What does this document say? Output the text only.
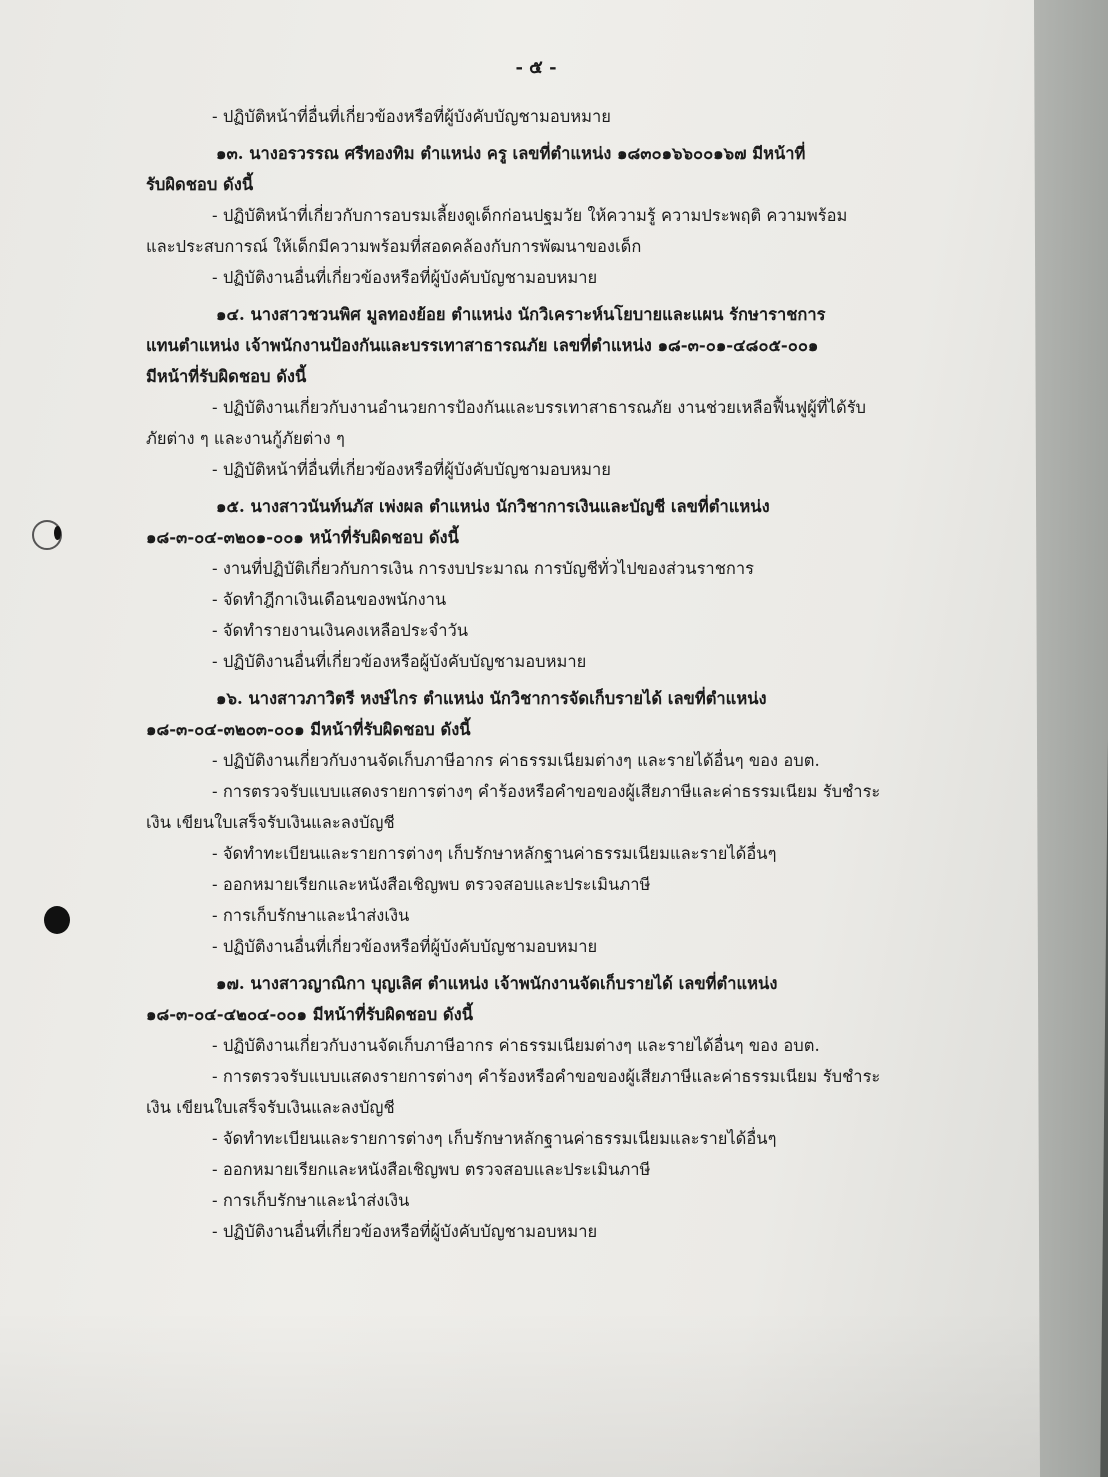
- ๕ -
- ปฏิบัติหน้าที่อื่นที่เกี่ยวข้องหรือที่ผู้บังคับบัญชามอบหมาย
๑๓. นางอรวรรณ ศรีทองทิม ตำแหน่ง ครู เลขที่ตำแหน่ง ๑๘๓๐๑๖๖๐๐๑๖๗ มีหน้าที่
รับผิดชอบ ดังนี้
- ปฏิบัติหน้าที่เกี่ยวกับการอบรมเลี้ยงดูเด็กก่อนปฐมวัย ให้ความรู้ ความประพฤติ ความพร้อม
และประสบการณ์ ให้เด็กมีความพร้อมที่สอดคล้องกับการพัฒนาของเด็ก
- ปฏิบัติงานอื่นที่เกี่ยวข้องหรือที่ผู้บังคับบัญชามอบหมาย
๑๔. นางสาวชวนพิศ มูลทองย้อย ตำแหน่ง นักวิเคราะห์นโยบายและแผน รักษาราชการ
แทนตำแหน่ง เจ้าพนักงานป้องกันและบรรเทาสาธารณภัย เลขที่ตำแหน่ง ๑๘-๓-๐๑-๔๘๐๕-๐๐๑
มีหน้าที่รับผิดชอบ ดังนี้
- ปฏิบัติงานเกี่ยวกับงานอำนวยการป้องกันและบรรเทาสาธารณภัย งานช่วยเหลือฟื้นฟูผู้ที่ได้รับ
ภัยต่าง ๆ และงานกู้ภัยต่าง ๆ
- ปฏิบัติหน้าที่อื่นที่เกี่ยวข้องหรือที่ผู้บังคับบัญชามอบหมาย
๑๕. นางสาวนันท์นภัส เพ่งผล ตำแหน่ง นักวิชาการเงินและบัญชี เลขที่ตำแหน่ง
๑๘-๓-๐๔-๓๒๐๑-๐๐๑ หน้าที่รับผิดชอบ ดังนี้
- งานที่ปฏิบัติเกี่ยวกับการเงิน การงบประมาณ การบัญชีทั่วไปของส่วนราชการ
- จัดทำฎีกาเงินเดือนของพนักงาน
- จัดทำรายงานเงินคงเหลือประจำวัน
- ปฏิบัติงานอื่นที่เกี่ยวข้องหรือผู้บังคับบัญชามอบหมาย
๑๖. นางสาวภาวิตรี หงษ์ไกร ตำแหน่ง นักวิชาการจัดเก็บรายได้ เลขที่ตำแหน่ง
๑๘-๓-๐๔-๓๒๐๓-๐๐๑ มีหน้าที่รับผิดชอบ ดังนี้
- ปฏิบัติงานเกี่ยวกับงานจัดเก็บภาษีอากร ค่าธรรมเนียมต่างๆ และรายได้อื่นๆ ของ อบต.
- การตรวจรับแบบแสดงรายการต่างๆ คำร้องหรือคำขอของผู้เสียภาษีและค่าธรรมเนียม รับชำระ
เงิน เขียนใบเสร็จรับเงินและลงบัญชี
- จัดทำทะเบียนและรายการต่างๆ เก็บรักษาหลักฐานค่าธรรมเนียมและรายได้อื่นๆ
- ออกหมายเรียกและหนังสือเชิญพบ ตรวจสอบและประเมินภาษี
- การเก็บรักษาและนำส่งเงิน
- ปฏิบัติงานอื่นที่เกี่ยวข้องหรือที่ผู้บังคับบัญชามอบหมาย
๑๗. นางสาวญาณิกา บุญเลิศ ตำแหน่ง เจ้าพนักงานจัดเก็บรายได้ เลขที่ตำแหน่ง
๑๘-๓-๐๔-๔๒๐๔-๐๐๑ มีหน้าที่รับผิดชอบ ดังนี้
- ปฏิบัติงานเกี่ยวกับงานจัดเก็บภาษีอากร ค่าธรรมเนียมต่างๆ และรายได้อื่นๆ ของ อบต.
- การตรวจรับแบบแสดงรายการต่างๆ คำร้องหรือคำขอของผู้เสียภาษีและค่าธรรมเนียม รับชำระ
เงิน เขียนใบเสร็จรับเงินและลงบัญชี
- จัดทำทะเบียนและรายการต่างๆ เก็บรักษาหลักฐานค่าธรรมเนียมและรายได้อื่นๆ
- ออกหมายเรียกและหนังสือเชิญพบ ตรวจสอบและประเมินภาษี
- การเก็บรักษาและนำส่งเงิน
- ปฏิบัติงานอื่นที่เกี่ยวข้องหรือที่ผู้บังคับบัญชามอบหมาย
